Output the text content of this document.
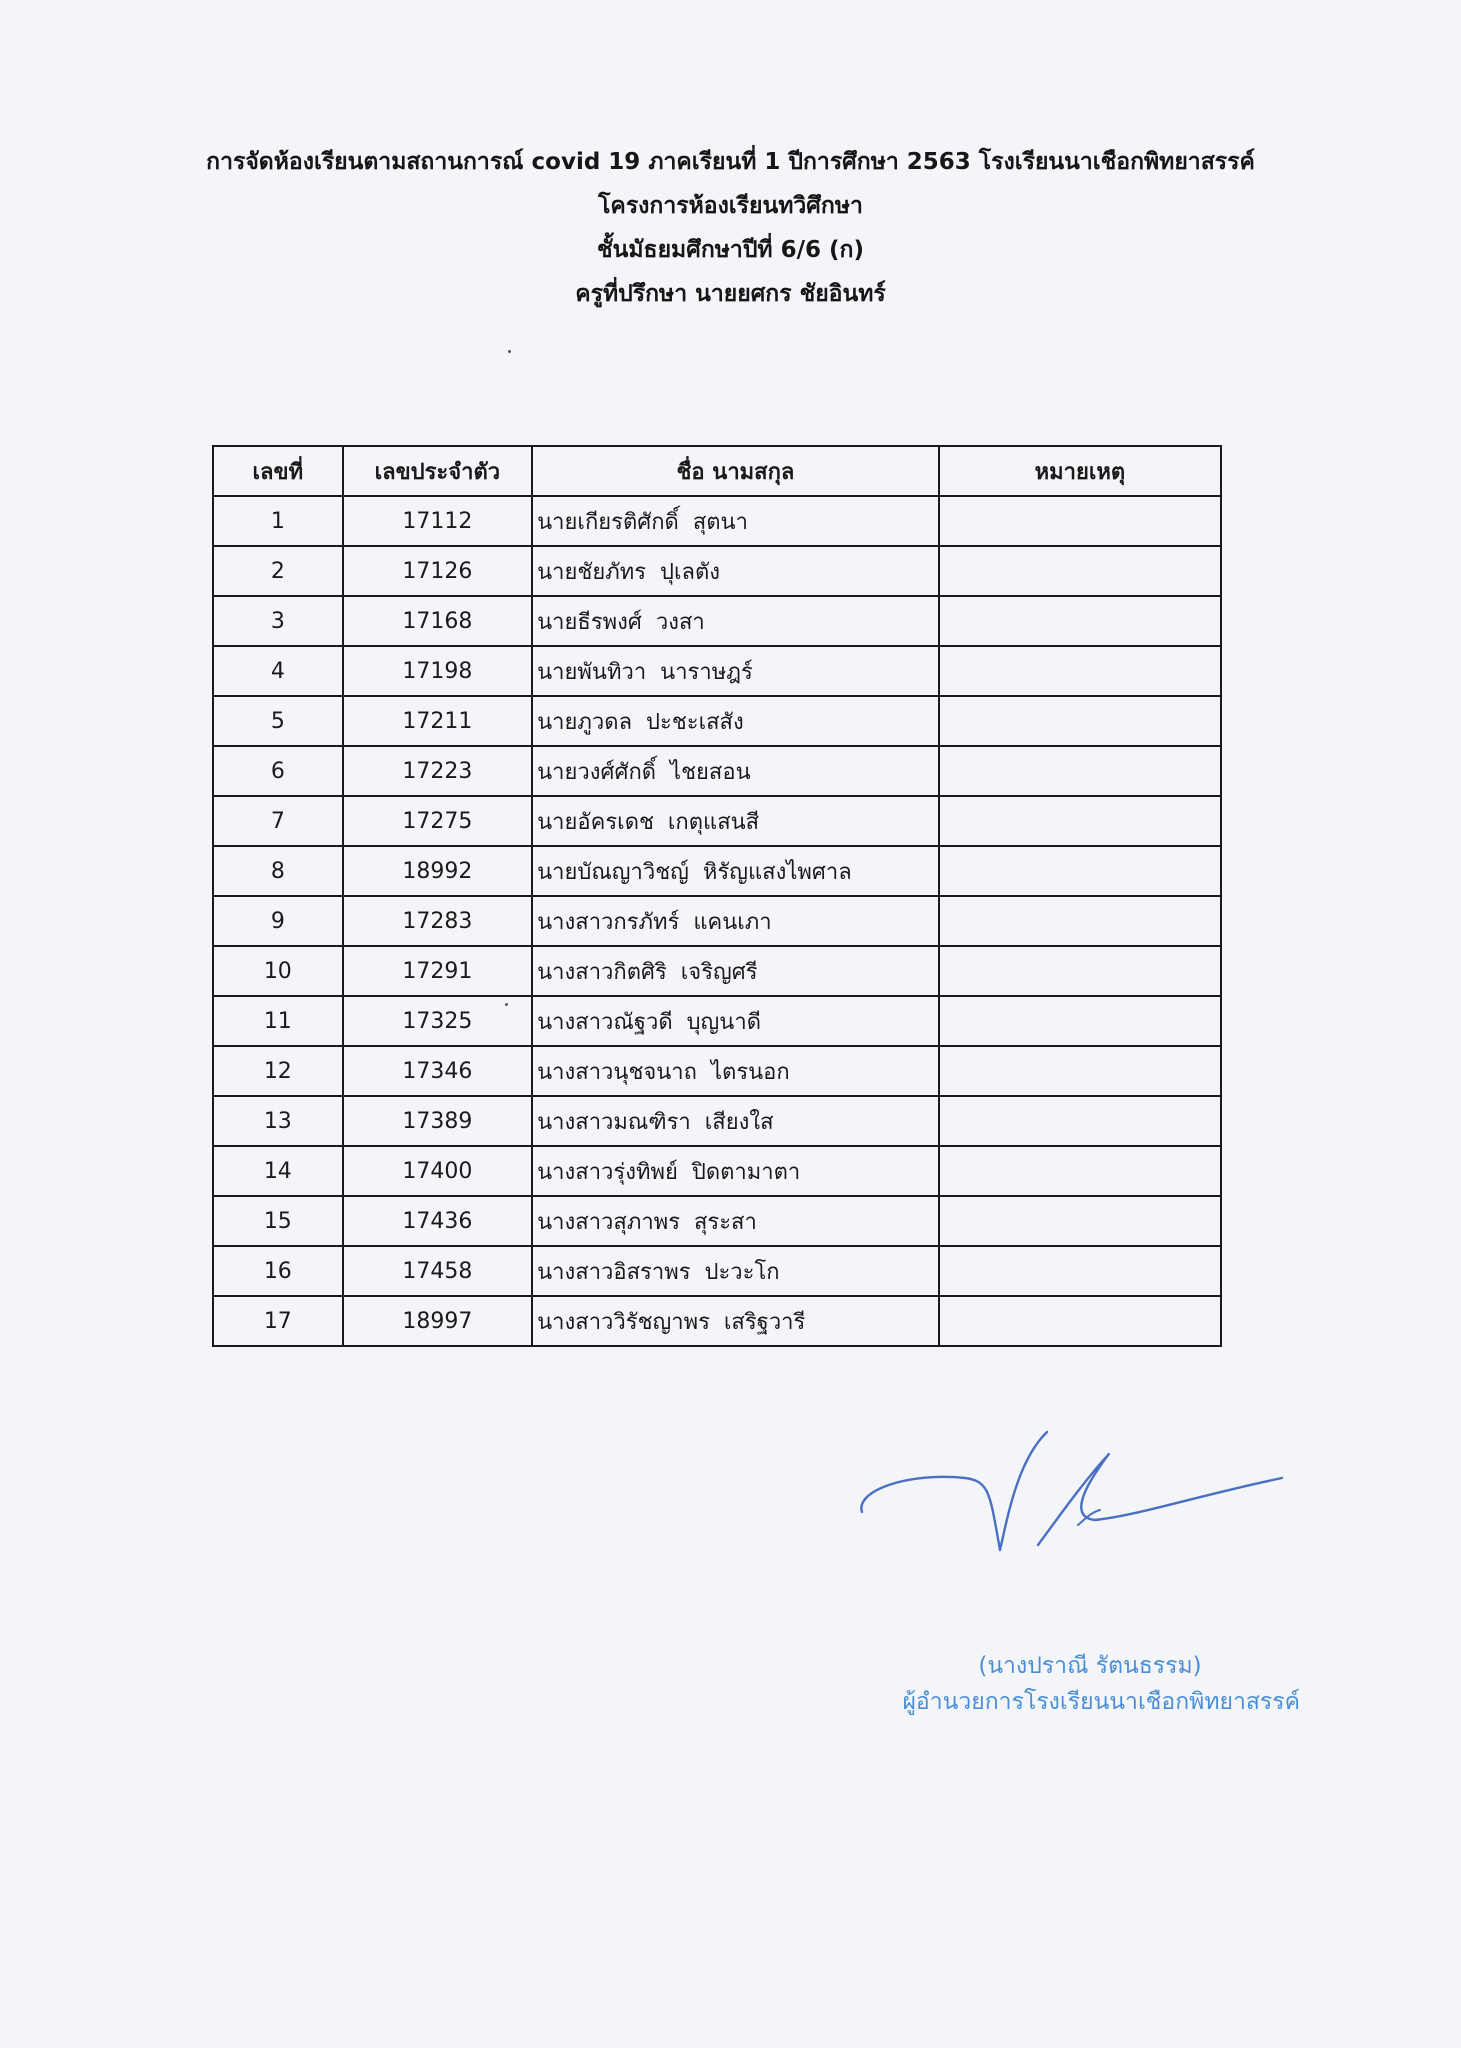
การจัดห้องเรียนตามสถานการณ์ covid 19 ภาคเรียนที่ 1 ปีการศึกษา 2563 โรงเรียนนาเชือกพิทยาสรรค์
โครงการห้องเรียนทวิศึกษา
ชั้นมัธยมศึกษาปีที่ 6/6 (ก)
ครูที่ปรึกษา นายยศกร ชัยอินทร์
เลขที่	เลขประจำตัว	ชื่อ นามสกุล	หมายเหตุ
1	17112	นายเกียรติศักดิ์  สุตนา	
2	17126	นายชัยภัทร  ปุเลตัง	
3	17168	นายธีรพงศ์  วงสา	
4	17198	นายพันทิวา  นาราษฎร์	
5	17211	นายภูวดล  ปะชะเสสัง	
6	17223	นายวงศ์ศักดิ์  ไชยสอน	
7	17275	นายอัครเดช  เกตุแสนสี	
8	18992	นายบัณญาวิชญ์  หิรัญแสงไพศาล	
9	17283	นางสาวกรภัทร์  แคนเภา	
10	17291	นางสาวกิตศิริ  เจริญศรี	
11	17325	นางสาวณัฐวดี  บุญนาดี	
12	17346	นางสาวนุชจนาถ  ไตรนอก	
13	17389	นางสาวมณฑิรา  เสียงใส	
14	17400	นางสาวรุ่งทิพย์  ปิดตามาตา	
15	17436	นางสาวสุภาพร  สุระสา	
16	17458	นางสาวอิสราพร  ปะวะโก	
17	18997	นางสาววิรัชญาพร  เสริฐวารี	
(นางปราณี รัตนธรรม)
ผู้อำนวยการโรงเรียนนาเชือกพิทยาสรรค์
